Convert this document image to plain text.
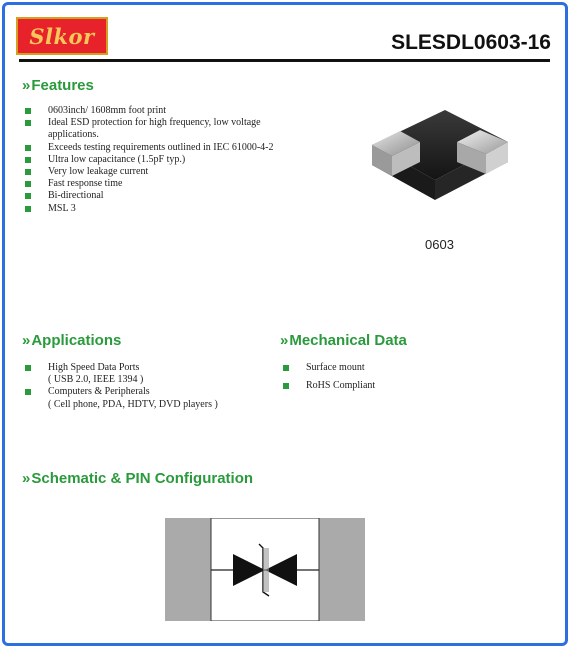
Slkor	SLESDL0603-16
»Features
0603inch/ 1608mm foot print
Ideal ESD protection for high frequency, low voltage
applications.
Exceeds testing requirements outlined in IEC 61000-4-2
Ultra low capacitance (1.5pF typ.)
Very low leakage current
Fast response time
Bi-directional
MSL 3
0603
»Applications
High Speed Data Ports
( USB 2.0, IEEE 1394 )
Computers & Peripherals
( Cell phone, PDA, HDTV, DVD players )
»Mechanical Data
Surface mount
RoHS Compliant
»Schematic & PIN Configuration
